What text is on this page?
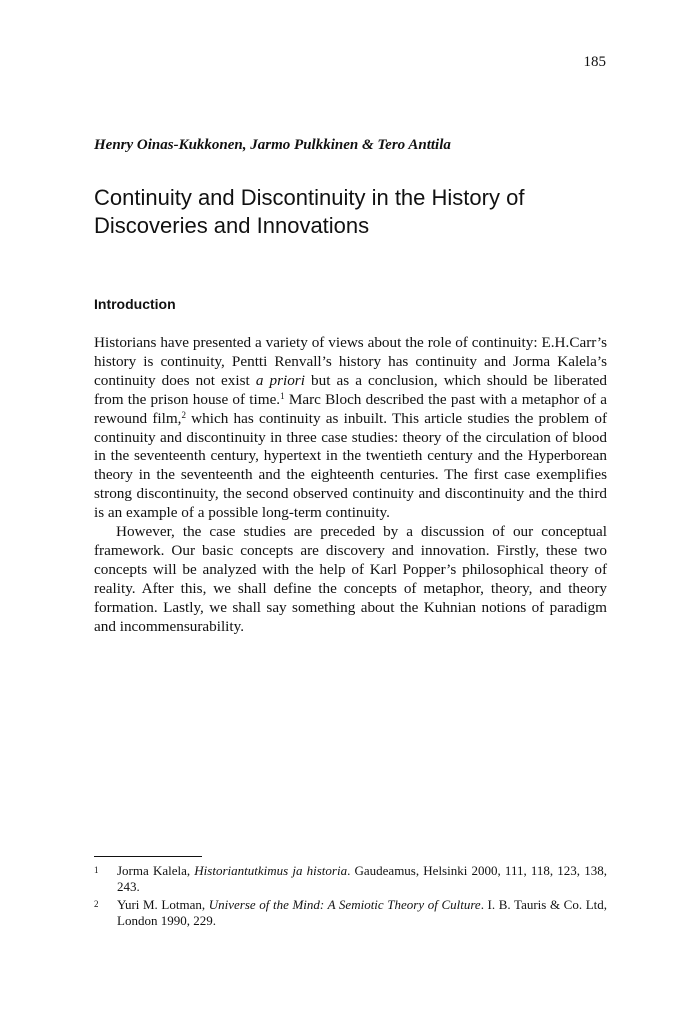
185
Henry Oinas-Kukkonen, Jarmo Pulkkinen & Tero Anttila
Continuity and Discontinuity in the History of Discoveries and Innovations
Introduction

Historians have presented a variety of views about the role of continuity: E.H.Carr’s history is continuity, Pentti Renvall’s history has continuity and Jorma Kalela’s continuity does not exist a priori but as a conclusion, which should be liberated from the prison house of time.$^1$ Marc Bloch described the past with a metaphor of a rewound film,$^2$ which has continuity as inbuilt. This article studies the problem of continuity and discontinuity in three case studies: theory of the circulation of blood in the seventeenth century, hypertext in the twentieth century and the Hyperborean theory in the seventeenth and the eighteenth centuries. The first case exemplifies strong discontinuity, the second observed continuity and discontinuity and the third is an example of a possible long-term continuity.

However, the case studies are preceded by a discussion of our conceptual framework. Our basic concepts are discovery and innovation. Firstly, these two concepts will be analyzed with the help of Karl Popper’s philosophical theory of reality. After this, we shall define the concepts of metaphor, theory, and theory formation. Lastly, we shall say something about the Kuhnian notions of paradigm and incommensurability.

1 Jorma Kalela, Historiantutkimus ja historia. Gaudeamus, Helsinki 2000, 111, 118, 123, 138, 243.
2 Yuri M. Lotman, Universe of the Mind: A Semiotic Theory of Culture. I. B. Tauris & Co. Ltd, London 1990, 229.
